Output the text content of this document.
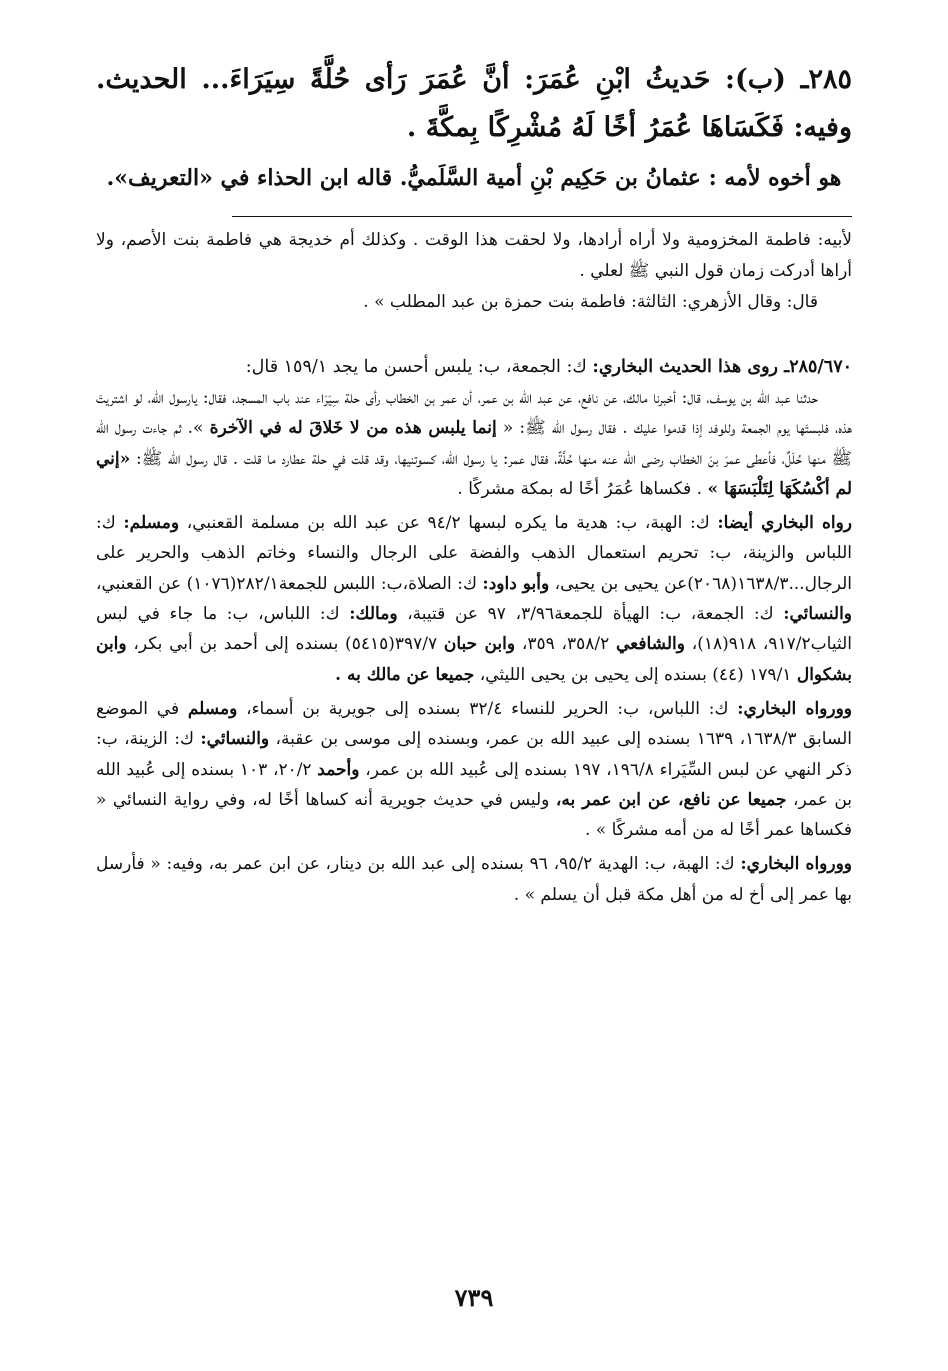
٢٨٥ـ (ب): حَديثُ ابْنِ عُمَرَ: أنَّ عُمَرَ رَأى حُلَّةً سِيَرَاءَ... الحديث. وفيه: فَكَسَاهَا عُمَرُ أخًا لَهُ مُشْرِكًا بِمكَّةَ .

هو أخوه لأمه : عثمانُ بن حَكِيم بْنِ أمية السَّلَميُّ. قاله ابن الحذاء في «التعريف».

لأبيه: فاطمة المخزومية ولا أراه أرادها، ولا لحقت هذا الوقت . وكذلك أم خديجة هي فاطمة بنت الأصم، ولا أراها أدركت زمان قول النبي ﷺ لعلي .

قال: وقال الأزهري: الثالثة: فاطمة بنت حمزة بن عبد المطلب » .

٢٨٥/٦٧٠ـ روى هذا الحديث البخاري: ك: الجمعة، ب: يلبس أحسن ما يجد ١٥٩/١ قال:

حدثنا عبد الله بن يوسف، قال: أخبرنا مالك، عن نافع، عن عبد الله بن عمر، أن عمر بن الخطاب رأى حلة سِيَرَاء عند باب المسجد، فقال: يارسول الله، لو اشتريتَ هذه، فلبستَها يوم الجمعة وللوفد إذا قدموا عليك . فقال رسول الله ﷺ: « إنما يلبس هذه من لا خَلاقَ له في الآخرة ». ثم جاءت رسول الله ﷺ منها حُلَلٌ، فأعطى عمرَ بنَ الخطاب رضى الله عنه منها حُلَّةً، فقال عمر: يا رسول الله، كسوتنيها، وقد قلت في حلة عطارد ما قلت . قال رسول الله ﷺ: «إني لم أكْسُكَهَا لِتَلْبَسَهَا » . فكساها عُمَرُ أخًا له بمكة مشركًا .

رواه البخاري أيضا: ك: الهبة، ب: هدية ما يكره لبسها ٩٤/٢ عن عبد الله بن مسلمة القعنبي، ومسلم: ك: اللباس والزينة، ب: تحريم استعمال الذهب والفضة على الرجال والنساء وخاتم الذهب والحرير على الرجال...١٦٣٨/٣(٢٠٦٨)عن يحيى بن يحيى، وأبو داود: ك: الصلاة،ب: اللبس للجمعة٢٨٢/١(١٠٧٦) عن القعنبي، والنسائي: ك: الجمعة، ب: الهيأة للجمعة٣/٩٦، ٩٧ عن قتيبة، ومالك: ك: اللباس، ب: ما جاء في لبس الثياب٩١٧/٢، ٩١٨(١٨)، والشافعي ٣٥٨/٢، ٣٥٩، وابن حبان ٣٩٧/٧(٥٤١٥) بسنده إلى أحمد بن أبي بكر، وابن بشكوال ١٧٩/١ (٤٤) بسنده إلى يحيى بن يحيى الليثي، جميعا عن مالك به .

وورواه البخاري: ك: اللباس، ب: الحرير للنساء ٣٢/٤ بسنده إلى جويرية بن أسماء، ومسلم في الموضع السابق ١٦٣٨/٣، ١٦٣٩ بسنده إلى عبيد الله بن عمر، وبسنده إلى موسى بن عقبة، والنسائي: ك: الزينة، ب: ذكر النهي عن لبس السِّيَراء ١٩٦/٨، ١٩٧ بسنده إلى عُبيد الله بن عمر، وأحمد ٢٠/٢، ١٠٣ بسنده إلى عُبيد الله بن عمر، جميعا عن نافع، عن ابن عمر به، وليس في حديث جويرية أنه كساها أخًا له، وفي رواية النسائي « فكساها عمر أخًا له من أمه مشركًا » .

وورواه البخاري: ك: الهبة، ب: الهدية ٩٥/٢، ٩٦ بسنده إلى عبد الله بن دينار، عن ابن عمر به، وفيه: « فأرسل بها عمر إلى أخ له من أهل مكة قبل أن يسلم » .

٧٣٩
